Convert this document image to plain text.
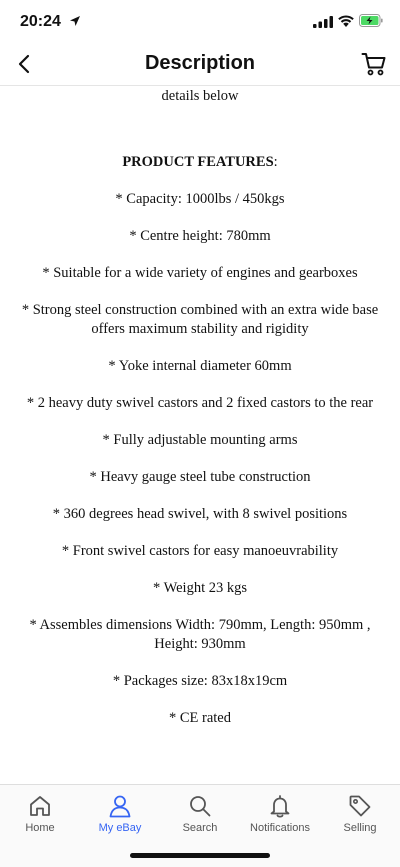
20:24
Description

details below

PRODUCT FEATURES:

* Capacity: 1000lbs / 450kgs

* Centre height: 780mm

* Suitable for a wide variety of engines and gearboxes

* Strong steel construction combined with an extra wide base offers maximum stability and rigidity

* Yoke internal diameter 60mm

* 2 heavy duty swivel castors and 2 fixed castors to the rear

* Fully adjustable mounting arms

* Heavy gauge steel tube construction

* 360 degrees head swivel, with 8 swivel positions

* Front swivel castors for easy manoeuvrability

* Weight 23 kgs

* Assembles dimensions Width: 790mm, Length: 950mm , Height: 930mm

* Packages size: 83x18x19cm

* CE rated

Home	My eBay	Search	Notifications	Selling
